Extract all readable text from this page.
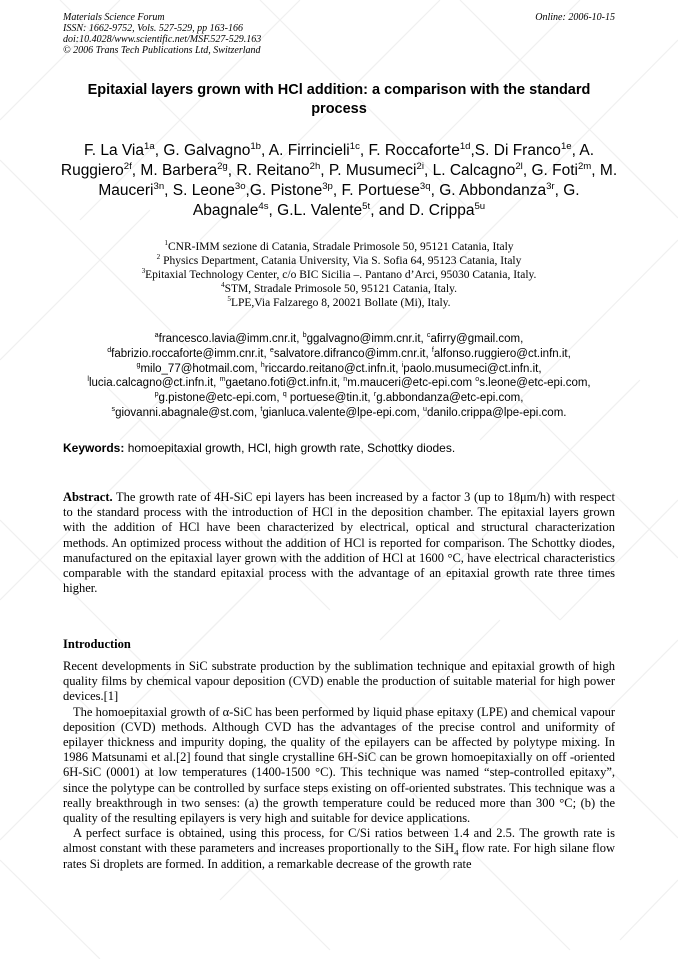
Materials Science Forum
ISSN: 1662-9752, Vols. 527-529, pp 163-166
doi:10.4028/www.scientific.net/MSF.527-529.163
© 2006 Trans Tech Publications Ltd, Switzerland
Online: 2006-10-15
Epitaxial layers grown with HCl addition: a comparison with the standard process
F. La Via$^{1a}$, G. Galvagno$^{1b}$, A. Firrincieli$^{1c}$, F. Roccaforte$^{1d}$,S. Di Franco$^{1e}$, A. Ruggiero$^{2f}$, M. Barbera$^{2g}$, R. Reitano$^{2h}$, P. Musumeci$^{2i}$, L. Calcagno$^{2l}$, G. Foti$^{2m}$, M. Mauceri$^{3n}$, S. Leone$^{3o}$,G. Pistone$^{3p}$, F. Portuese$^{3q}$, G. Abbondanza$^{3r}$, G. Abagnale$^{4s}$, G.L. Valente$^{5t}$, and D. Crippa$^{5u}$
$^1$CNR-IMM sezione di Catania, Stradale Primosole 50, 95121 Catania, Italy
$^2$ Physics Department, Catania University, Via S. Sofia 64, 95123 Catania, Italy
$^3$Epitaxial Technology Center, c/o BIC Sicilia –. Pantano d’Arci, 95030 Catania, Italy.
$^4$STM, Stradale Primosole 50, 95121 Catania, Italy.
$^5$LPE,Via Falzarego 8, 20021 Bollate (Mi), Italy.
$^a$francesco.lavia@imm.cnr.it, $^b$ggalvagno@imm.cnr.it, $^c$afirry@gmail.com,
$^d$fabrizio.roccaforte@imm.cnr.it, $^e$salvatore.difranco@imm.cnr.it, $^f$alfonso.ruggiero@ct.infn.it,
$^g$milo_77@hotmail.com, $^h$riccardo.reitano@ct.infn.it, $^i$paolo.musumeci@ct.infn.it,
$^l$lucia.calcagno@ct.infn.it, $^m$gaetano.foti@ct.infn.it, $^n$m.mauceri@etc-epi.com $^o$s.leone@etc-epi.com,
$^p$g.pistone@etc-epi.com, $^q$ portuese@tin.it, $^r$g.abbondanza@etc-epi.com,
$^s$giovanni.abagnale@st.com, $^t$gianluca.valente@lpe-epi.com, $^u$danilo.crippa@lpe-epi.com.
Keywords: homoepitaxial growth, HCl, high growth rate, Schottky diodes.
Abstract. The growth rate of 4H-SiC epi layers has been increased by a factor 3 (up to 18μm/h) with respect to the standard process with the introduction of HCl in the deposition chamber. The epitaxial layers grown with the addition of HCl have been characterized by electrical, optical and structural characterization methods. An optimized process without the addition of HCl is reported for comparison. The Schottky diodes, manufactured on the epitaxial layer grown with the addition of HCl at 1600 °C, have electrical characteristics comparable with the standard epitaxial process with the advantage of an epitaxial growth rate three times higher.
Introduction

Recent developments in SiC substrate production by the sublimation technique and epitaxial growth of high quality films by chemical vapour deposition (CVD) enable the production of suitable material for high power devices.[1]

The homoepitaxial growth of α-SiC has been performed by liquid phase epitaxy (LPE) and chemical vapour deposition (CVD) methods. Although CVD has the advantages of the precise control and uniformity of epilayer thickness and impurity doping, the quality of the epilayers can be affected by polytype mixing. In 1986 Matsunami et al.[2] found that single crystalline 6H-SiC can be grown homoepitaxially on off -oriented 6H-SiC (0001) at low temperatures (1400-1500 °C). This technique was named “step-controlled epitaxy”, since the polytype can be controlled by surface steps existing on off-oriented substrates. This technique was a really breakthrough in two senses: (a) the growth temperature could be reduced more than 300 °C; (b) the quality of the resulting epilayers is very high and suitable for device applications.

A perfect surface is obtained, using this process, for C/Si ratios between 1.4 and 2.5. The growth rate is almost constant with these parameters and increases proportionally to the SiH$_4$ flow rate. For high silane flow rates Si droplets are formed. In addition, a remarkable decrease of the growth rate
